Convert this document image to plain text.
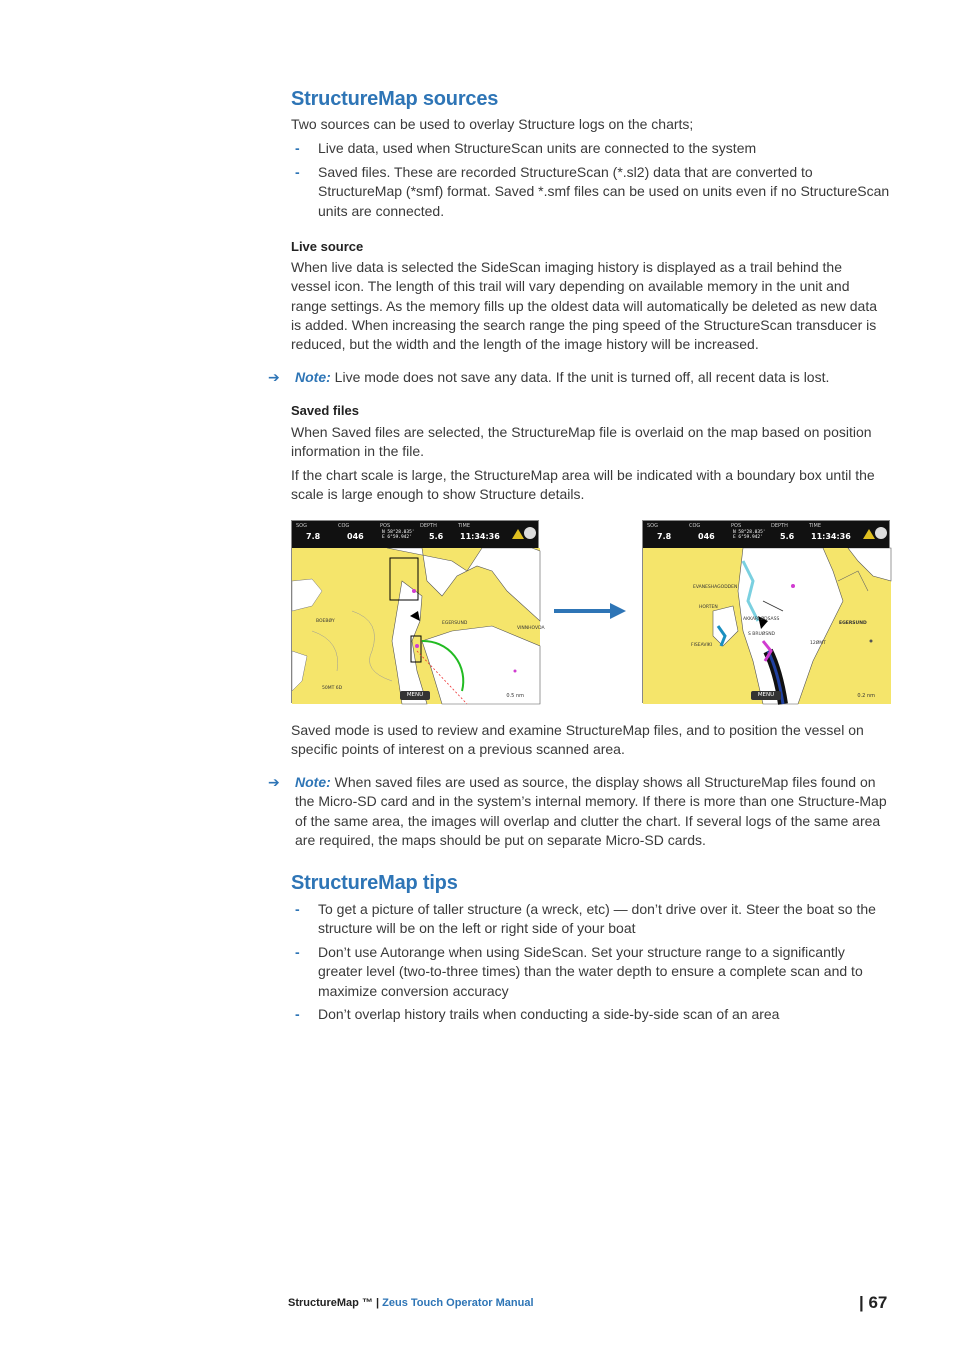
StructureMap sources
Two sources can be used to overlay Structure logs on the charts;
- Live data, used when StructureScan units are connected to the system
- Saved files. These are recorded StructureScan (*.sl2) data that are converted to StructureMap (*smf) format. Saved *.smf files can be used on units even if no StructureScan units are connected.
Live source
When live data is selected the SideScan imaging history is displayed as a trail behind the vessel icon. The length of this trail will vary depending on available memory in the unit and range settings. As the memory fills up the oldest data will automatically be deleted as new data is added. When increasing the search range the ping speed of the StructureScan transducer is reduced, but the width and the length of the image history will be increased.
➔ Note: Live mode does not save any data. If the unit is turned off, all recent data is lost.
Saved files
When Saved files are selected, the StructureMap file is overlaid on the map based on position information in the file.
If the chart scale is large, the StructureMap area will be indicated with a boundary box until the scale is large enough to show Structure details.
SOG	COG	POS	DEPTH	TIME
7.8	046	N 58°28.035'
E 6°59.942'	5.6 11:34:36
EGERSUND
VINNHOVDA
BOEBØY
50MT 6D
MENU	0.5 nm
SOG	COG	POS	DEPTH	TIME
7.8	046	N 58°28.035'
E 6°59.942'	5.6 11:34:36
EVANESHAGODDEN
HORTEN
AKKARLØDSASS
S BRUØSND
EGERSUND
FISEAVIKI	12ØMT
MENU	0.2 nm
Saved mode is used to review and examine StructureMap files, and to position the vessel on specific points of interest on a previous scanned area.
➔ Note: When saved files are used as source, the display shows all StructureMap files found on the Micro-SD card and in the system’s internal memory. If there is more than one Structure-Map of the same area, the images will overlap and clutter the chart. If several logs of the same area are required, the maps should be put on separate Micro-SD cards.
StructureMap tips
- To get a picture of taller structure (a wreck, etc) — don’t drive over it. Steer the boat so the structure will be on the left or right side of your boat
- Don’t use Autorange when using SideScan. Set your structure range to a significantly greater level (two-to-three times) than the water depth to ensure a complete scan and to maximize conversion accuracy
- Don’t overlap history trails when conducting a side-by-side scan of an area
StructureMap ™ | Zeus Touch Operator Manual	| 67
